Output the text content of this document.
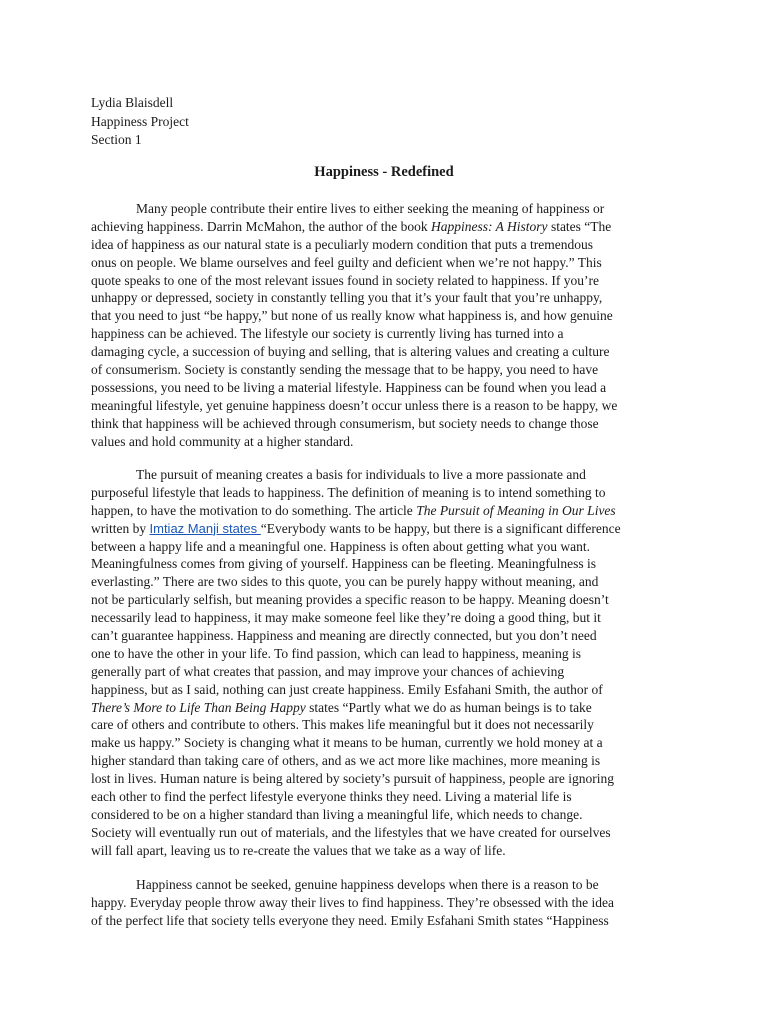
Lydia Blaisdell
Happiness Project
Section 1
Happiness - Redefined
Many people contribute their entire lives to either seeking the meaning of happiness or
achieving happiness. Darrin McMahon, the author of the book Happiness: A History states “The
idea of happiness as our natural state is a peculiarly modern condition that puts a tremendous
onus on people. We blame ourselves and feel guilty and deficient when we’re not happy.” This
quote speaks to one of the most relevant issues found in society related to happiness. If you’re
unhappy or depressed, society in constantly telling you that it’s your fault that you’re unhappy,
that you need to just “be happy,” but none of us really know what happiness is, and how genuine
happiness can be achieved. The lifestyle our society is currently living has turned into a
damaging cycle, a succession of buying and selling, that is altering values and creating a culture
of consumerism. Society is constantly sending the message that to be happy, you need to have
possessions, you need to be living a material lifestyle. Happiness can be found when you lead a
meaningful lifestyle, yet genuine happiness doesn’t occur unless there is a reason to be happy, we
think that happiness will be achieved through consumerism, but society needs to change those
values and hold community at a higher standard.
The pursuit of meaning creates a basis for individuals to live a more passionate and
purposeful lifestyle that leads to happiness. The definition of meaning is to intend something to
happen, to have the motivation to do something. The article The Pursuit of Meaning in Our Lives
written by Imtiaz Manji states “Everybody wants to be happy, but there is a significant difference
between a happy life and a meaningful one. Happiness is often about getting what you want.
Meaningfulness comes from giving of yourself. Happiness can be fleeting. Meaningfulness is
everlasting.” There are two sides to this quote, you can be purely happy without meaning, and
not be particularly selfish, but meaning provides a specific reason to be happy. Meaning doesn’t
necessarily lead to happiness, it may make someone feel like they’re doing a good thing, but it
can’t guarantee happiness. Happiness and meaning are directly connected, but you don’t need
one to have the other in your life. To find passion, which can lead to happiness, meaning is
generally part of what creates that passion, and may improve your chances of achieving
happiness, but as I said, nothing can just create happiness. Emily Esfahani Smith, the author of
There’s More to Life Than Being Happy states “Partly what we do as human beings is to take
care of others and contribute to others. This makes life meaningful but it does not necessarily
make us happy.” Society is changing what it means to be human, currently we hold money at a
higher standard than taking care of others, and as we act more like machines, more meaning is
lost in lives. Human nature is being altered by society’s pursuit of happiness, people are ignoring
each other to find the perfect lifestyle everyone thinks they need. Living a material life is
considered to be on a higher standard than living a meaningful life, which needs to change.
Society will eventually run out of materials, and the lifestyles that we have created for ourselves
will fall apart, leaving us to re-create the values that we take as a way of life.
Happiness cannot be seeked, genuine happiness develops when there is a reason to be
happy. Everyday people throw away their lives to find happiness. They’re obsessed with the idea
of the perfect life that society tells everyone they need. Emily Esfahani Smith states “Happiness
